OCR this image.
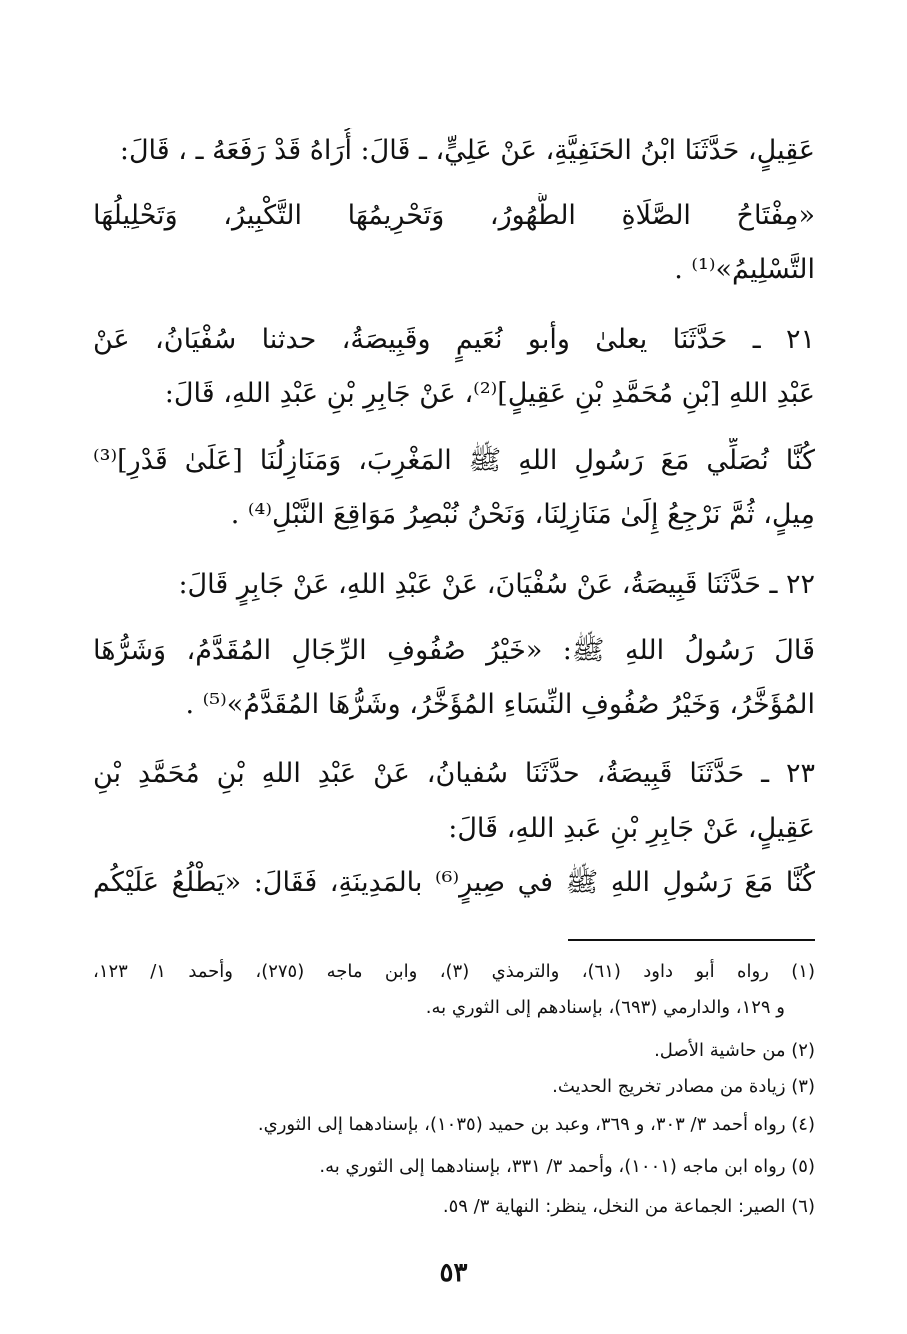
عَقِيلٍ، حَدَّثَنَا ابْنُ الحَنَفِيَّةِ، عَنْ عَلِيٍّ، ـ قَالَ: أُرَاهُ قَدْ رَفَعَهُ ـ ، قَالَ:
«مِفْتَاحُ الصَّلَاةِ الطُّهُورُ، وَتَحْرِيمُهَا التَّكْبِيرُ، وَتَحْلِيلُهَا
التَّسْلِيمُ»⁽¹⁾ .
٢١ ـ حَدَّثَنَا يعلىٰ وأبو نُعَيمٍ وقَبِيصَةُ، حدثنا سُفْيَانُ، عَنْ
عَبْدِ اللهِ [بْنِ مُحَمَّدِ بْنِ عَقِيلٍ]⁽²⁾، عَنْ جَابِرِ بْنِ عَبْدِ اللهِ، قَالَ:
كُنَّا نُصَلِّي مَعَ رَسُولِ اللهِ ﷺ المَغْرِبَ، وَمَنَازِلُنَا [عَلَىٰ قَدْرِ]⁽³⁾
مِيلٍ، ثُمَّ نَرْجِعُ إِلَىٰ مَنَازِلِنَا، وَنَحْنُ نُبْصِرُ مَوَاقِعَ النَّبْلِ⁽⁴⁾ .
٢٢ ـ حَدَّثَنَا قَبِيصَةُ، عَنْ سُفْيَانَ، عَنْ عَبْدِ اللهِ، عَنْ جَابِرٍ قَالَ:
قَالَ رَسُولُ اللهِ ﷺ: «خَيْرُ صُفُوفِ الرِّجَالِ المُقَدَّمُ، وَشَرُّهَا
المُؤَخَّرُ، وَخَيْرُ صُفُوفِ النِّسَاءِ المُؤَخَّرُ، وشَرُّهَا المُقَدَّمُ»⁽⁵⁾ .
٢٣ ـ حَدَّثَنَا قَبِيصَةُ، حدَّثَنَا سُفيانُ، عَنْ عَبْدِ اللهِ بْنِ مُحَمَّدِ بْنِ
عَقِيلٍ، عَنْ جَابِرِ بْنِ عَبدِ اللهِ، قَالَ:
كُنَّا مَعَ رَسُولِ اللهِ ﷺ في صِيرٍ⁽⁶⁾ بالمَدِينَةِ، فَقَالَ: «يَطْلُعُ عَلَيْكُم
(١) رواه أبو داود (٦١)، والترمذي (٣)، وابن ماجه (٢٧٥)، وأحمد ١/ ١٢٣،
و ١٢٩، والدارمي (٦٩٣)، بإسنادهم إلى الثوري به.
(٢) من حاشية الأصل.
(٣) زيادة من مصادر تخريج الحديث.
(٤) رواه أحمد ٣/ ٣٠٣، و ٣٦٩، وعبد بن حميد (١٠٣٥)، بإسنادهما إلى الثوري.
(٥) رواه ابن ماجه (١٠٠١)، وأحمد ٣/ ٣٣١، بإسنادهما إلى الثوري به.
(٦) الصير: الجماعة من النخل، ينظر: النهاية ٣/ ٥٩.
٥٣
